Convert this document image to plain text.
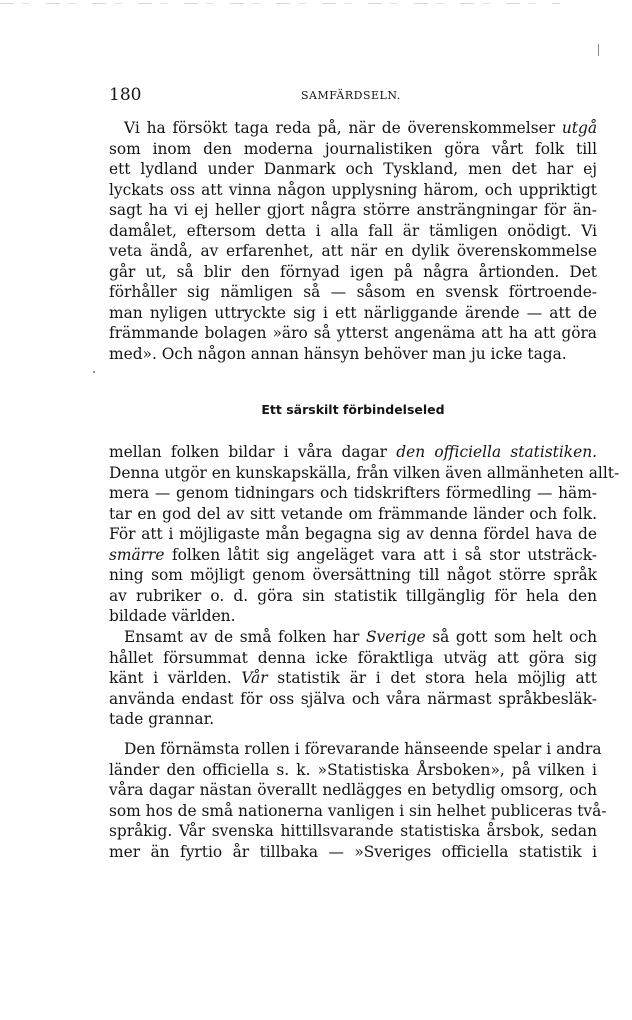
180	SAMFÄRDSELN.
Vi ha försökt taga reda på, när de överenskommelser utgå
som inom den moderna journalistiken göra vårt folk till
ett lydland under Danmark och Tyskland, men det har ej
lyckats oss att vinna någon upplysning härom, och uppriktigt
sagt ha vi ej heller gjort några större ansträngningar för än-
damålet, eftersom detta i alla fall är tämligen onödigt. Vi
veta ändå, av erfarenhet, att när en dylik överenskommelse
går ut, så blir den förnyad igen på några årtionden. Det
förhåller sig nämligen så — såsom en svensk förtroende-
man nyligen uttryckte sig i ett närliggande ärende — att de
främmande bolagen »äro så ytterst angenäma att ha att göra
med». Och någon annan hänsyn behöver man ju icke taga.
Ett särskilt förbindelseled
mellan folken bildar i våra dagar den officiella statistiken.
Denna utgör en kunskapskälla, från vilken även allmänheten allt-
mera — genom tidningars och tidskrifters förmedling — häm-
tar en god del av sitt vetande om främmande länder och folk.
För att i möjligaste mån begagna sig av denna fördel hava de
smärre folken låtit sig angeläget vara att i så stor utsträck-
ning som möjligt genom översättning till något större språk
av rubriker o. d. göra sin statistik tillgänglig för hela den
bildade världen.
Ensamt av de små folken har Sverige så gott som helt och
hållet försummat denna icke föraktliga utväg att göra sig
känt i världen. Vår statistik är i det stora hela möjlig att
använda endast för oss själva och våra närmast språkbesläk-
tade grannar.
Den förnämsta rollen i förevarande hänseende spelar i andra
länder den officiella s. k. »Statistiska Årsboken», på vilken i
våra dagar nästan överallt nedlägges en betydlig omsorg, och
som hos de små nationerna vanligen i sin helhet publiceras två-
språkig. Vår svenska hittillsvarande statistiska årsbok, sedan
mer än fyrtio år tillbaka — »Sveriges officiella statistik i
